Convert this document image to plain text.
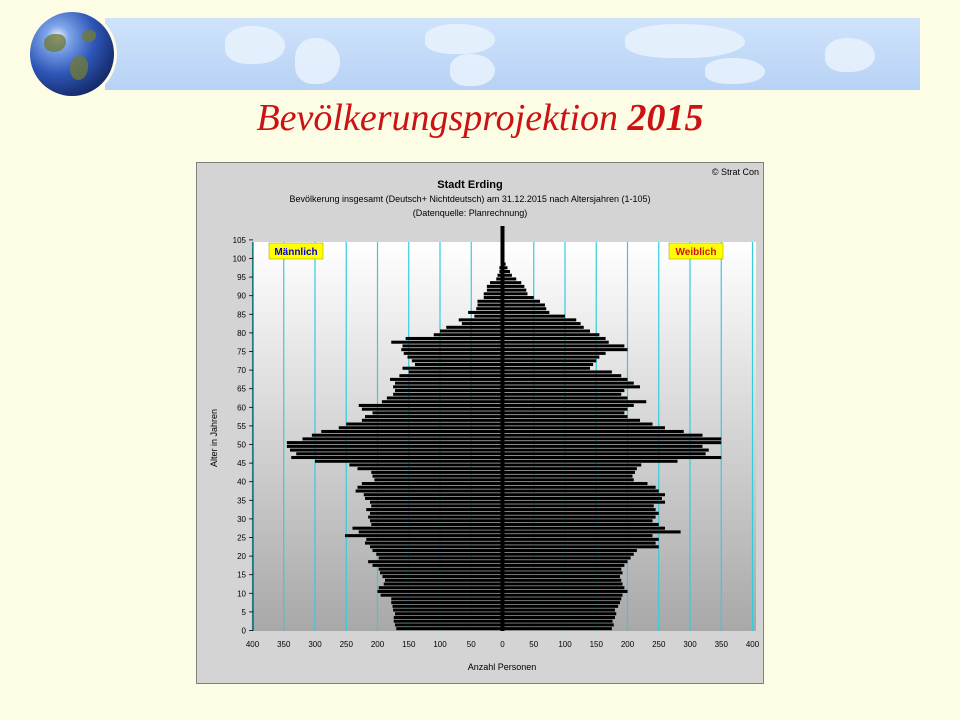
Bevölkerungsprojektion 2015
© Strat Con
Stadt Erding
Bevölkerung insgesamt (Deutsch+ Nichtdeutsch) am 31.12.2015 nach Altersjahren (1-105)
(Datenquelle: Planrechnung)
0
5
10
15
20
25
30
35
40
45
50
55
60
65
70
75
80
85
90
95
100
105
400 350 300 250 200 150 100	50	0	50	100 150 200 250 300 350 400
Männlich	Weiblich
Anzahl Personen
Alter in Jahren
